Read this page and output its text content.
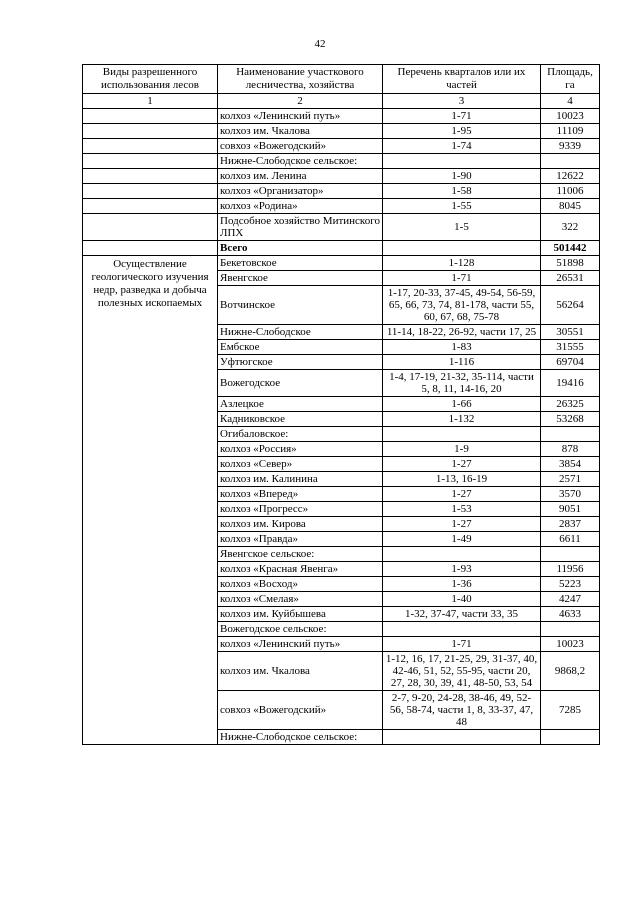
42
Виды разрешенного использования лесов	Наименование участкового лесничества, хозяйства	Перечень кварталов или их частей	Площадь, га
1	2	3	4
	колхоз «Ленинский путь»	1-71	10023
	колхоз им. Чкалова	1-95	11109
	совхоз «Вожегодский»	1-74	9339
	Нижне-Слободское сельское:		
	колхоз им. Ленина	1-90	12622
	колхоз «Организатор»	1-58	11006
	колхоз «Родина»	1-55	8045
	Подсобное хозяйство Митинского ЛПХ	1-5	322
	Всего		501442
Осуществление геологического изучения недр, разведка и добыча полезных ископаемых	Бекетовское	1-128	51898
	Явенгское	1-71	26531
	Вотчинское	1-17, 20-33, 37-45, 49-54, 56-59, 65, 66, 73, 74, 81-178, части 55, 60, 67, 68, 75-78	56264
	Нижне-Слободское	11-14, 18-22, 26-92, части 17, 25	30551
	Ембское	1-83	31555
	Уфтюгское	1-116	69704
	Вожегодское	1-4, 17-19, 21-32, 35-114, части 5, 8, 11, 14-16, 20	19416
	Азлецкое	1-66	26325
	Кадниковское	1-132	53268
	Огибаловское:		
	колхоз «Россия»	1-9	878
	колхоз «Север»	1-27	3854
	колхоз им. Калинина	1-13, 16-19	2571
	колхоз «Вперед»	1-27	3570
	колхоз «Прогресс»	1-53	9051
	колхоз им. Кирова	1-27	2837
	колхоз «Правда»	1-49	6611
	Явенгское сельское:		
	колхоз «Красная Явенга»	1-93	11956
	колхоз «Восход»	1-36	5223
	колхоз «Смелая»	1-40	4247
	колхоз им. Куйбышева	1-32, 37-47, части 33, 35	4633
	Вожегодское сельское:		
	колхоз «Ленинский путь»	1-71	10023
	колхоз им. Чкалова	1-12, 16, 17, 21-25, 29, 31-37, 40, 42-46, 51, 52, 55-95, части 20, 27, 28, 30, 39, 41, 48-50, 53, 54	9868,2
	совхоз «Вожегодский»	2-7, 9-20, 24-28, 38-46, 49, 52-56, 58-74, части 1, 8, 33-37, 47, 48	7285
	Нижне-Слободское сельское:		
